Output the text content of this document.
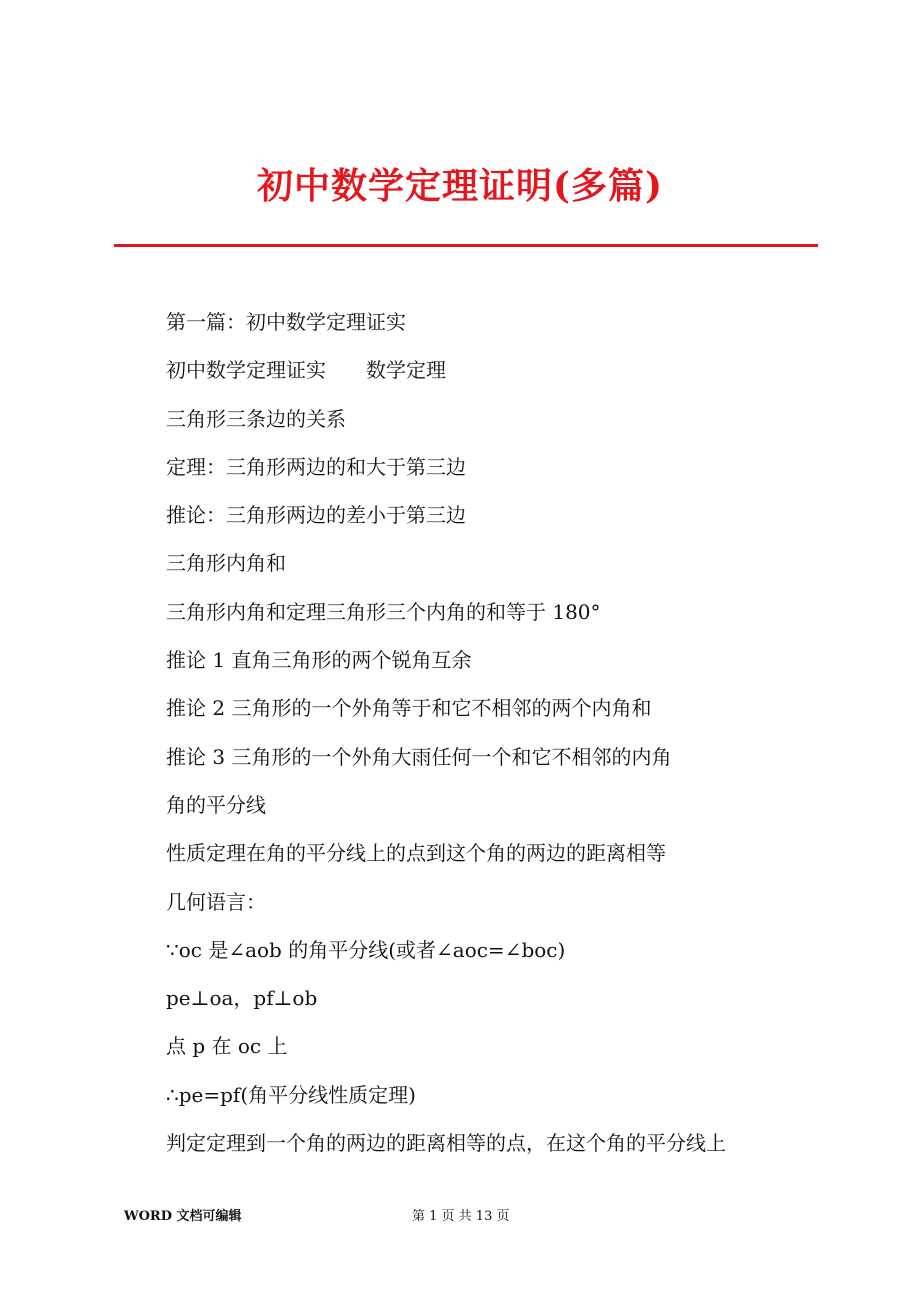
初中数学定理证明(多篇)
第一篇：初中数学定理证实
初中数学定理证实　　数学定理
三角形三条边的关系
定理：三角形两边的和大于第三边
推论：三角形两边的差小于第三边
三角形内角和
三角形内角和定理三角形三个内角的和等于 180°
推论 1 直角三角形的两个锐角互余
推论 2 三角形的一个外角等于和它不相邻的两个内角和
推论 3 三角形的一个外角大雨任何一个和它不相邻的内角
角的平分线
性质定理在角的平分线上的点到这个角的两边的距离相等
几何语言：
∵oc 是∠aob 的角平分线(或者∠aoc=∠boc)
pe⊥oa，pf⊥ob
点 p 在 oc 上
∴pe=pf(角平分线性质定理)
判定定理到一个角的两边的距离相等的点，在这个角的平分线上
WORD 文档可编辑	第 1 页 共 13 页
